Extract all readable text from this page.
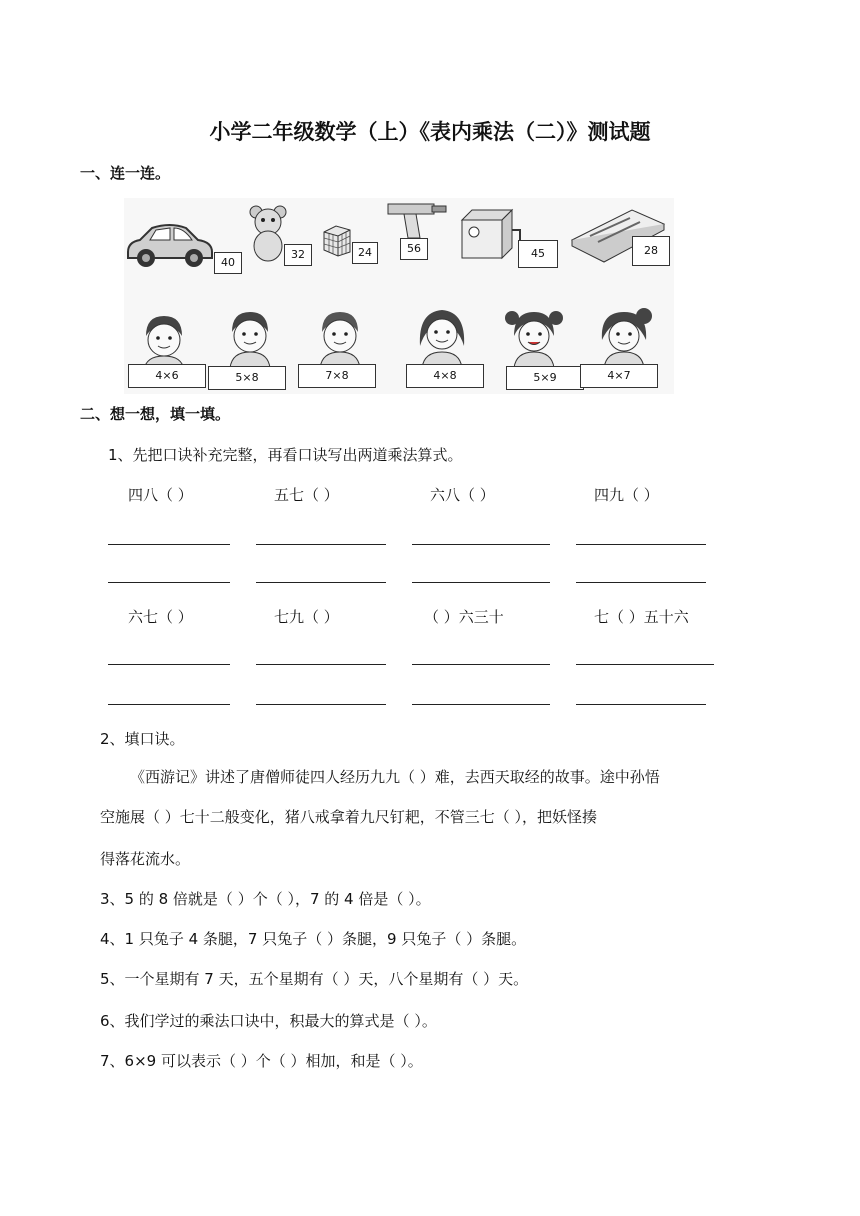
小学二年级数学（上）《表内乘法（二）》测试题
一、连一连。
40
32	24	56	45	28
4×6	5×8	7×8	4×8	5×9	4×7
二、想一想，填一填。
1、先把口诀补充完整，再看口诀写出两道乘法算式。
四八（ ）	五七（ ）	六八（ ）	四九（ ）
六七（ ）	七九（ ）	（ ）六三十	七（ ）五十六
2、填口诀。
《西游记》讲述了唐僧师徒四人经历九九（ ）难，去西天取经的故事。途中孙悟
空施展（ ）七十二般变化，猪八戒拿着九尺钉耙，不管三七（ ），把妖怪揍
得落花流水。
3、5 的 8 倍就是（ ）个（ ），7 的 4 倍是（ ）。
4、1 只兔子 4 条腿，7 只兔子（ ）条腿，9 只兔子（ ）条腿。
5、一个星期有 7 天，五个星期有（ ）天，八个星期有（ ）天。
6、我们学过的乘法口诀中，积最大的算式是（ ）。
7、6×9 可以表示（ ）个（ ）相加，和是（ ）。
